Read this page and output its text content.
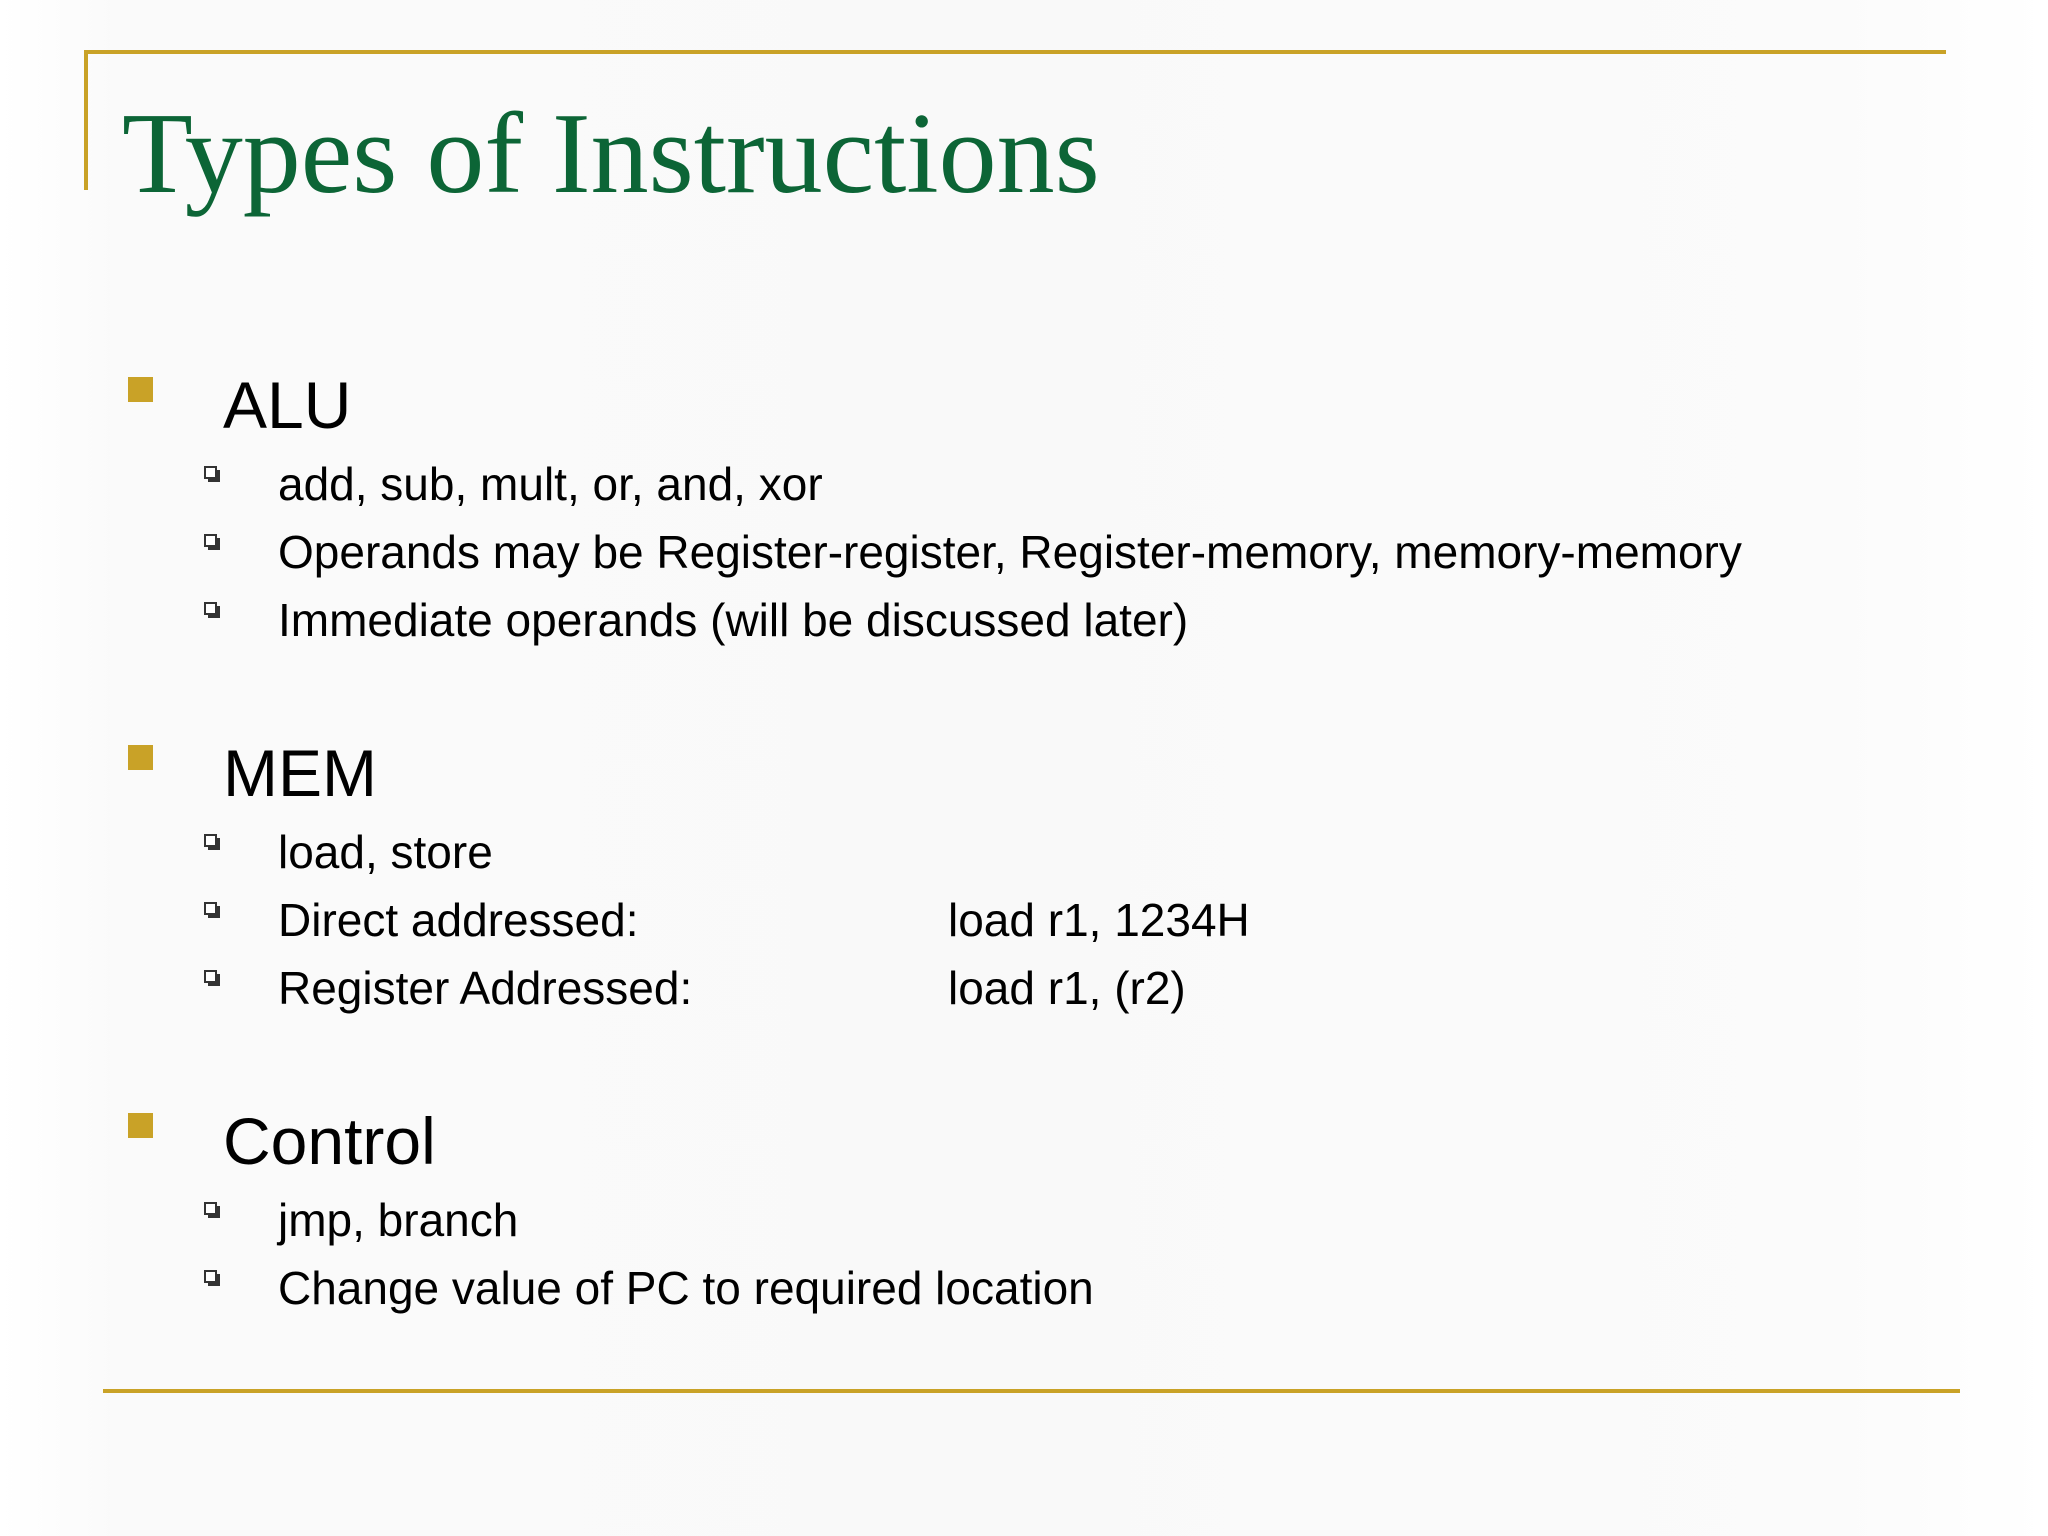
Types of Instructions
ALU
add, sub, mult, or, and, xor
Operands may be Register-register, Register-memory, memory-memory
Immediate operands (will be discussed later)
MEM
load, store
Direct addressed:	load r1, 1234H
Register Addressed:	load r1, (r2)
Control
jmp, branch
Change value of PC to required location
